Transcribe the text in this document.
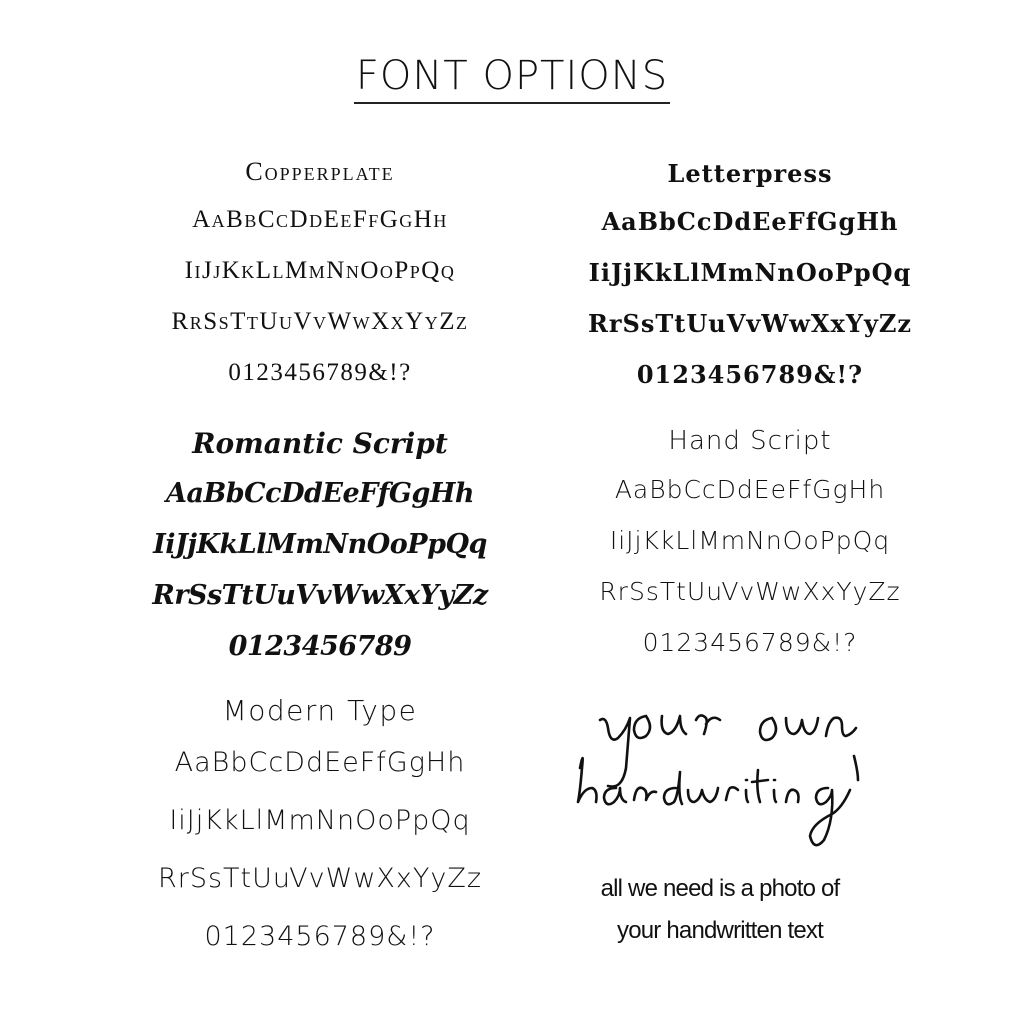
FONT OPTIONS
Copperplate
AaBbCcDdEeFfGgHh
IiJjKkLlMmNnOoPpQq
RrSsTtUuVvWwXxYyZz
0123456789&!?
Letterpress
AaBbCcDdEeFfGgHh
IiJjKkLlMmNnOoPpQq
RrSsTtUuVvWwXxYyZz
0123456789&!?
Romantic Script
AaBbCcDdEeFfGgHh
IiJjKkLlMmNnOoPpQq
RrSsTtUuVvWwXxYyZz
0123456789
Hand Script
AaBbCcDdEeFfGgHh
IiJjKkLlMmNnOoPpQq
RrSsTtUuVvWwXxYyZz
0123456789&!?
Modern Type
AaBbCcDdEeFfGgHh
IiJjKkLlMmNnOoPpQq
RrSsTtUuVvWwXxYyZz
0123456789&!?
all we need is a photo of
your handwritten text
